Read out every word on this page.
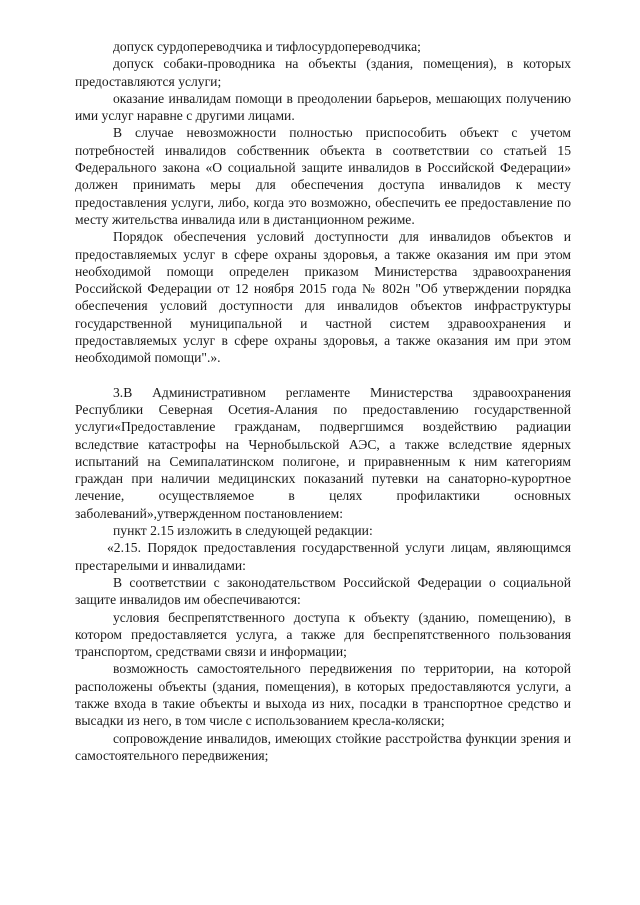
допуск сурдопереводчика и тифлосурдопереводчика;

допуск собаки-проводника на объекты (здания, помещения), в которых предоставляются услуги;

оказание инвалидам помощи в преодолении барьеров, мешающих получению ими услуг наравне с другими лицами.

В случае невозможности полностью приспособить объект с учетом потребностей инвалидов собственник объекта в соответствии со статьей 15 Федерального закона «О социальной защите инвалидов в Российской Федерации» должен принимать меры для обеспечения доступа инвалидов к месту предоставления услуги, либо, когда это возможно, обеспечить ее предоставление по месту жительства инвалида или в дистанционном режиме.

Порядок обеспечения условий доступности для инвалидов объектов и предоставляемых услуг в сфере охраны здоровья, а также оказания им при этом необходимой помощи определен приказом Министерства здравоохранения Российской Федерации от 12 ноября 2015 года № 802н "Об утверждении порядка обеспечения условий доступности для инвалидов объектов инфраструктуры государственной муниципальной и частной систем здравоохранения и предоставляемых услуг в сфере охраны здоровья, а также оказания им при этом необходимой помощи".».

3.В Административном регламенте Министерства здравоохранения Республики Северная Осетия-Алания по предоставлению государственной услуги«Предоставление гражданам, подвергшимся воздействию радиации вследствие катастрофы на Чернобыльской АЭС, а также вследствие ядерных испытаний на Семипалатинском полигоне, и приравненным к ним категориям граждан при наличии медицинских показаний путевки на санаторно-курортное лечение, осуществляемое в целях профилактики основных заболеваний»,утвержденном постановлением:

пункт 2.15 изложить в следующей редакции:

«2.15. Порядок предоставления государственной услуги лицам, являющимся престарелыми и инвалидами:

В соответствии с законодательством Российской Федерации о социальной защите инвалидов им обеспечиваются:

условия беспрепятственного доступа к объекту (зданию, помещению), в котором предоставляется услуга, а также для беспрепятственного пользования транспортом, средствами связи и информации;

возможность самостоятельного передвижения по территории, на которой расположены объекты (здания, помещения), в которых предоставляются услуги, а также входа в такие объекты и выхода из них, посадки в транспортное средство и высадки из него, в том числе с использованием кресла-коляски;

сопровождение инвалидов, имеющих стойкие расстройства функции зрения и самостоятельного передвижения;
